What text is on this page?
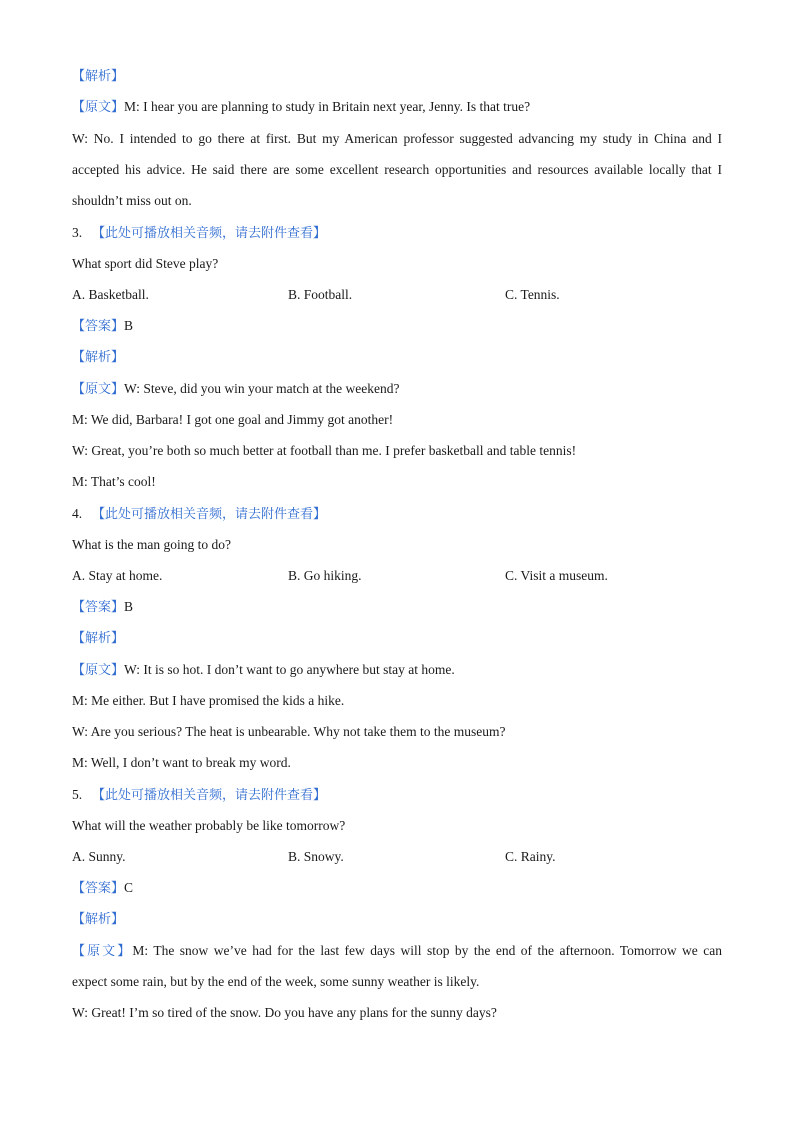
【解析】
【原文】M: I hear you are planning to study in Britain next year, Jenny. Is that true?
W: No. I intended to go there at first. But my American professor suggested advancing my study in China and I
accepted his advice. He said there are some excellent research opportunities and resources available locally that I
shouldn’t miss out on.
3. 【此处可播放相关音频，请去附件查看】
What sport did Steve play?
A. Basketball.	B. Football.	C. Tennis.
【答案】B
【解析】
【原文】W: Steve, did you win your match at the weekend?
M: We did, Barbara! I got one goal and Jimmy got another!
W: Great, you’re both so much better at football than me. I prefer basketball and table tennis!
M: That’s cool!
4. 【此处可播放相关音频，请去附件查看】
What is the man going to do?
A. Stay at home.	B. Go hiking.	C. Visit a museum.
【答案】B
【解析】
【原文】W: It is so hot. I don’t want to go anywhere but stay at home.
M: Me either. But I have promised the kids a hike.
W: Are you serious? The heat is unbearable. Why not take them to the museum?
M: Well, I don’t want to break my word.
5. 【此处可播放相关音频，请去附件查看】
What will the weather probably be like tomorrow?
A. Sunny.	B. Snowy.	C. Rainy.
【答案】C
【解析】
【原文】M: The snow we’ve had for the last few days will stop by the end of the afternoon. Tomorrow we can
expect some rain, but by the end of the week, some sunny weather is likely.
W: Great! I’m so tired of the snow. Do you have any plans for the sunny days?
